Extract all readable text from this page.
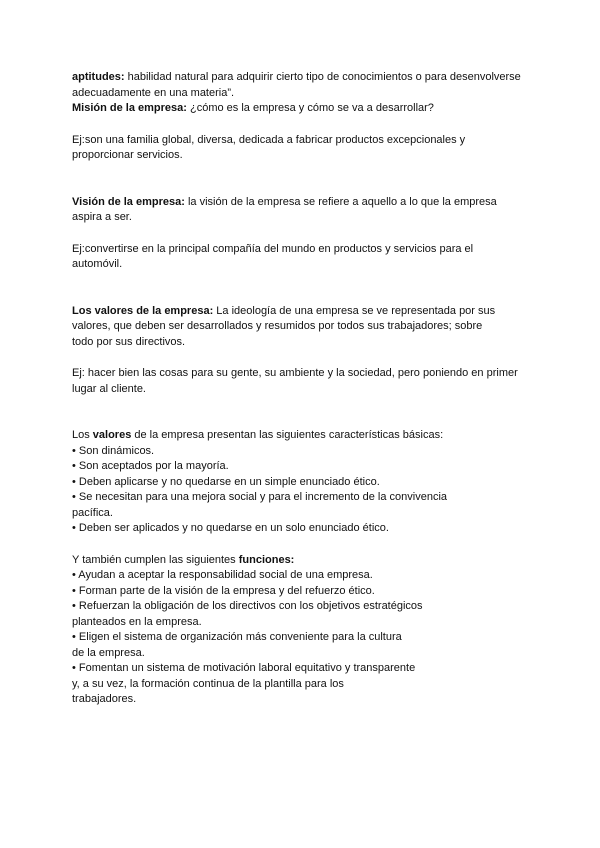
aptitudes: habilidad natural para adquirir cierto tipo de conocimientos o para desenvolverse
adecuadamente en una materia”.
Misión de la empresa: ¿cómo es la empresa y cómo se va a desarrollar?
Ej:son una familia global, diversa, dedicada a fabricar productos excepcionales y
proporcionar servicios.
Visión de la empresa: la visión de la empresa se refiere a aquello a lo que la empresa
aspira a ser.
Ej:convertirse en la principal compañía del mundo en productos y servicios para el
automóvil.
Los valores de la empresa: La ideología de una empresa se ve representada por sus
valores, que deben ser desarrollados y resumidos por todos sus trabajadores; sobre
todo por sus directivos.
Ej: hacer bien las cosas para su gente, su ambiente y la sociedad, pero poniendo en primer
lugar al cliente.
Los valores de la empresa presentan las siguientes características básicas:
• Son dinámicos.
• Son aceptados por la mayoría.
• Deben aplicarse y no quedarse en un simple enunciado ético.
• Se necesitan para una mejora social y para el incremento de la convivencia
pacífica.
• Deben ser aplicados y no quedarse en un solo enunciado ético.
Y también cumplen las siguientes funciones:
• Ayudan a aceptar la responsabilidad social de una empresa.
• Forman parte de la visión de la empresa y del refuerzo ético.
• Refuerzan la obligación de los directivos con los objetivos estratégicos
planteados en la empresa.
• Eligen el sistema de organización más conveniente para la cultura
de la empresa.
• Fomentan un sistema de motivación laboral equitativo y transparente
y, a su vez, la formación continua de la plantilla para los
trabajadores.
